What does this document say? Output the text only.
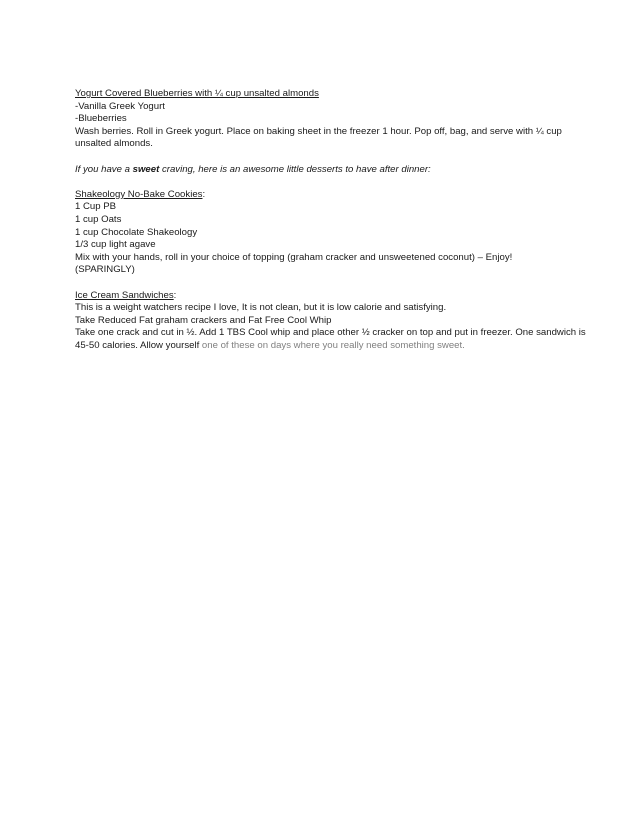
Yogurt Covered Blueberries with ¼ cup unsalted almonds
-Vanilla Greek Yogurt
-Blueberries
Wash berries. Roll in Greek yogurt. Place on baking sheet in the freezer 1 hour. Pop off, bag, and serve with ¼ cup unsalted almonds.
If you have a sweet craving, here is an awesome little desserts to have after dinner:
Shakeology No-Bake Cookies:
1 Cup PB
1 cup Oats
1 cup Chocolate Shakeology
1/3 cup light agave
Mix with your hands, roll in your choice of topping (graham cracker and unsweetened coconut) – Enjoy!
(SPARINGLY)
Ice Cream Sandwiches:
This is a weight watchers recipe I love, It is not clean, but it is low calorie and satisfying.
Take Reduced Fat graham crackers and Fat Free Cool Whip
Take one crack and cut in ½. Add 1 TBS Cool whip and place other ½ cracker on top and put in freezer. One sandwich is 45-50 calories. Allow yourself one of these on days where you really need something sweet.
